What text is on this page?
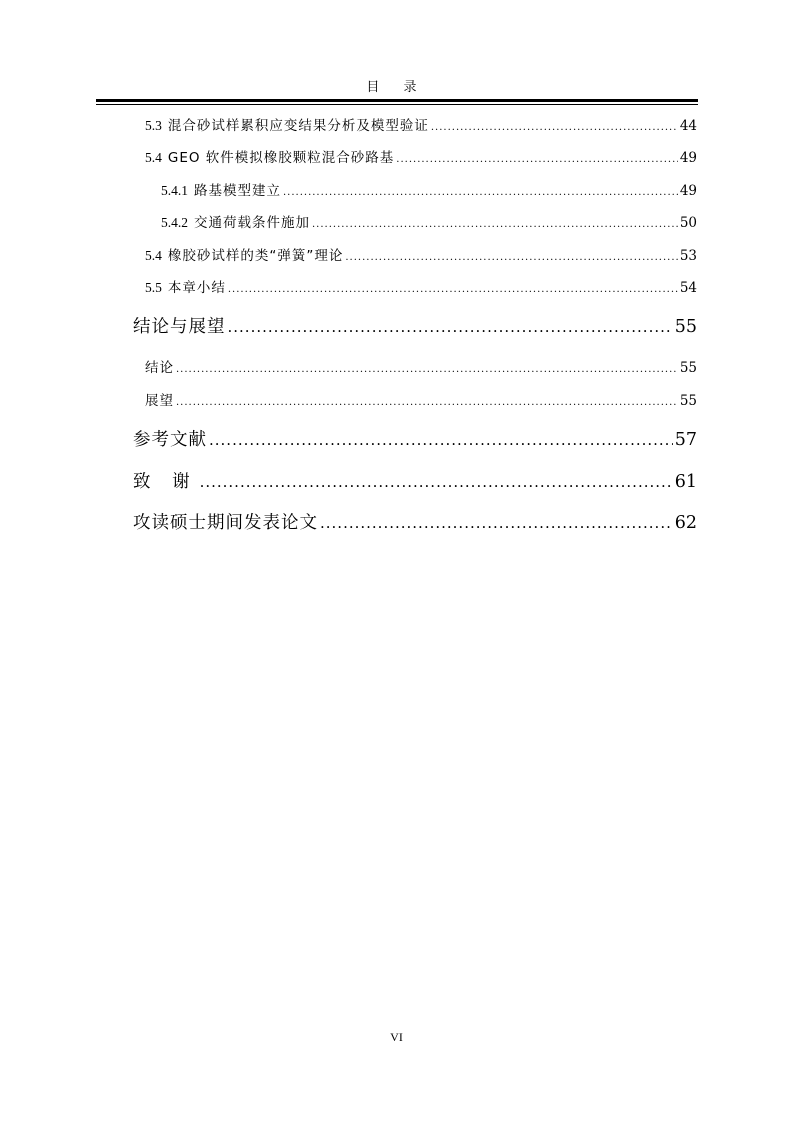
目 录
5.3 混合砂试样累积应变结果分析及模型验证 .....	44
5.4 GEO 软件模拟橡胶颗粒混合砂路基 .....	49
5.4.1 路基模型建立 .....	49
5.4.2 交通荷载条件施加 .....	50
5.4 橡胶砂试样的类“弹簧”理论 .....	53
5.5 本章小结 .....	54
结论与展望 .....	55
结论 .....	55
展望 .....	55
参考文献 .....	57
致 谢 .....	61
攻读硕士期间发表论文 .....	62
VI
